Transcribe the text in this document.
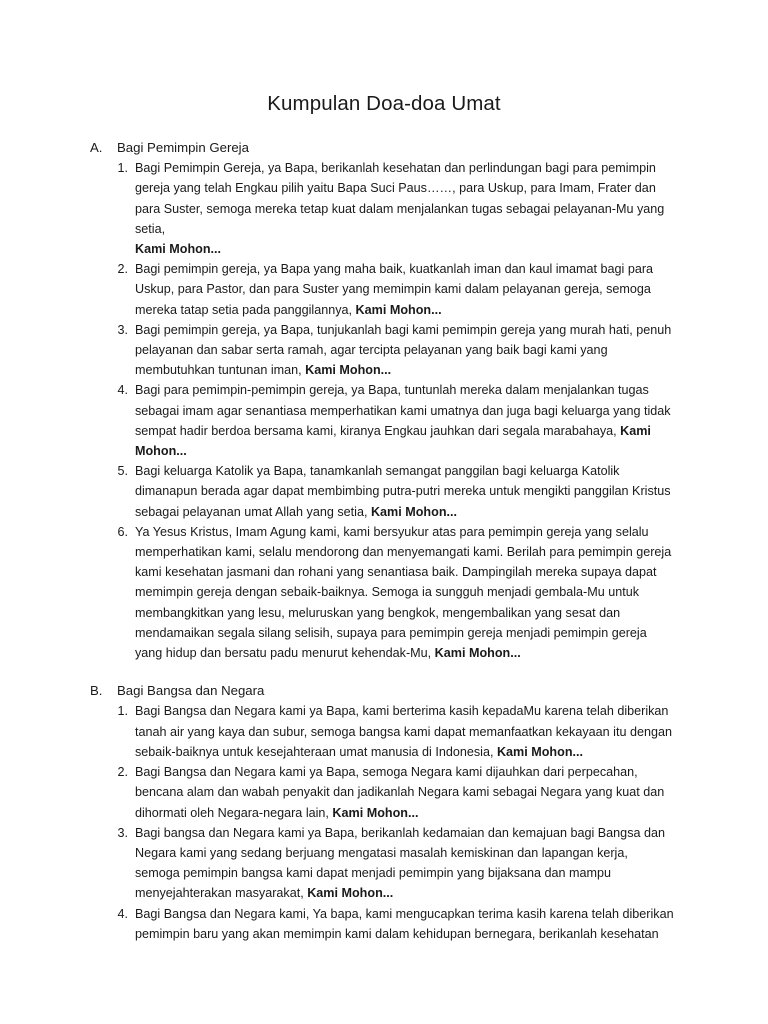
Kumpulan Doa-doa Umat
A.	Bagi Pemimpin Gereja
1. Bagi Pemimpin Gereja, ya Bapa, berikanlah kesehatan dan perlindungan bagi para pemimpin gereja yang telah Engkau pilih yaitu Bapa Suci Paus……, para Uskup, para Imam, Frater dan para Suster, semoga mereka tetap kuat dalam menjalankan tugas sebagai pelayanan-Mu yang setia,
Kami Mohon...
2. Bagi pemimpin gereja, ya Bapa yang maha baik, kuatkanlah iman dan kaul imamat bagi para Uskup, para Pastor, dan para Suster yang memimpin kami dalam pelayanan gereja, semoga mereka tatap setia pada panggilannya, Kami Mohon...
3. Bagi pemimpin gereja, ya Bapa, tunjukanlah bagi kami pemimpin gereja yang murah hati, penuh pelayanan dan sabar serta ramah, agar tercipta pelayanan yang baik bagi kami yang membutuhkan tuntunan iman, Kami Mohon...
4. Bagi para pemimpin-pemimpin gereja, ya Bapa, tuntunlah mereka dalam menjalankan tugas sebagai imam agar senantiasa memperhatikan kami umatnya dan juga bagi keluarga yang tidak sempat hadir berdoa bersama kami, kiranya Engkau jauhkan dari segala marabahaya, Kami Mohon...
5. Bagi keluarga Katolik ya Bapa, tanamkanlah semangat panggilan bagi keluarga Katolik dimanapun berada agar dapat membimbing putra-putri mereka untuk mengikti panggilan Kristus sebagai pelayanan umat Allah yang setia, Kami Mohon...
6. Ya Yesus Kristus, Imam Agung kami, kami bersyukur atas para pemimpin gereja yang selalu memperhatikan kami, selalu mendorong dan menyemangati kami. Berilah para pemimpin gereja kami kesehatan jasmani dan rohani yang senantiasa baik. Dampingilah mereka supaya dapat memimpin gereja dengan sebaik-baiknya. Semoga ia sungguh menjadi gembala-Mu untuk membangkitkan yang lesu, meluruskan yang bengkok, mengembalikan yang sesat dan mendamaikan segala silang selisih, supaya para pemimpin gereja menjadi pemimpin gereja yang hidup dan bersatu padu menurut kehendak-Mu, Kami Mohon...
B.	Bagi Bangsa dan Negara
1. Bagi Bangsa dan Negara kami ya Bapa, kami berterima kasih kepadaMu karena telah diberikan tanah air yang kaya dan subur, semoga bangsa kami dapat memanfaatkan kekayaan itu dengan sebaik-baiknya untuk kesejahteraan umat manusia di Indonesia, Kami Mohon...
2. Bagi Bangsa dan Negara kami ya Bapa, semoga Negara kami dijauhkan dari perpecahan, bencana alam dan wabah penyakit dan jadikanlah Negara kami sebagai Negara yang kuat dan dihormati oleh Negara-negara lain, Kami Mohon...
3. Bagi bangsa dan Negara kami ya Bapa, berikanlah kedamaian dan kemajuan bagi Bangsa dan Negara kami yang sedang berjuang mengatasi masalah kemiskinan dan lapangan kerja, semoga pemimpin bangsa kami dapat menjadi pemimpin yang bijaksana dan mampu menyejahterakan masyarakat, Kami Mohon...
4. Bagi Bangsa dan Negara kami, Ya bapa, kami mengucapkan terima kasih karena telah diberikan pemimpin baru yang akan memimpin kami dalam kehidupan bernegara, berikanlah kesehatan
